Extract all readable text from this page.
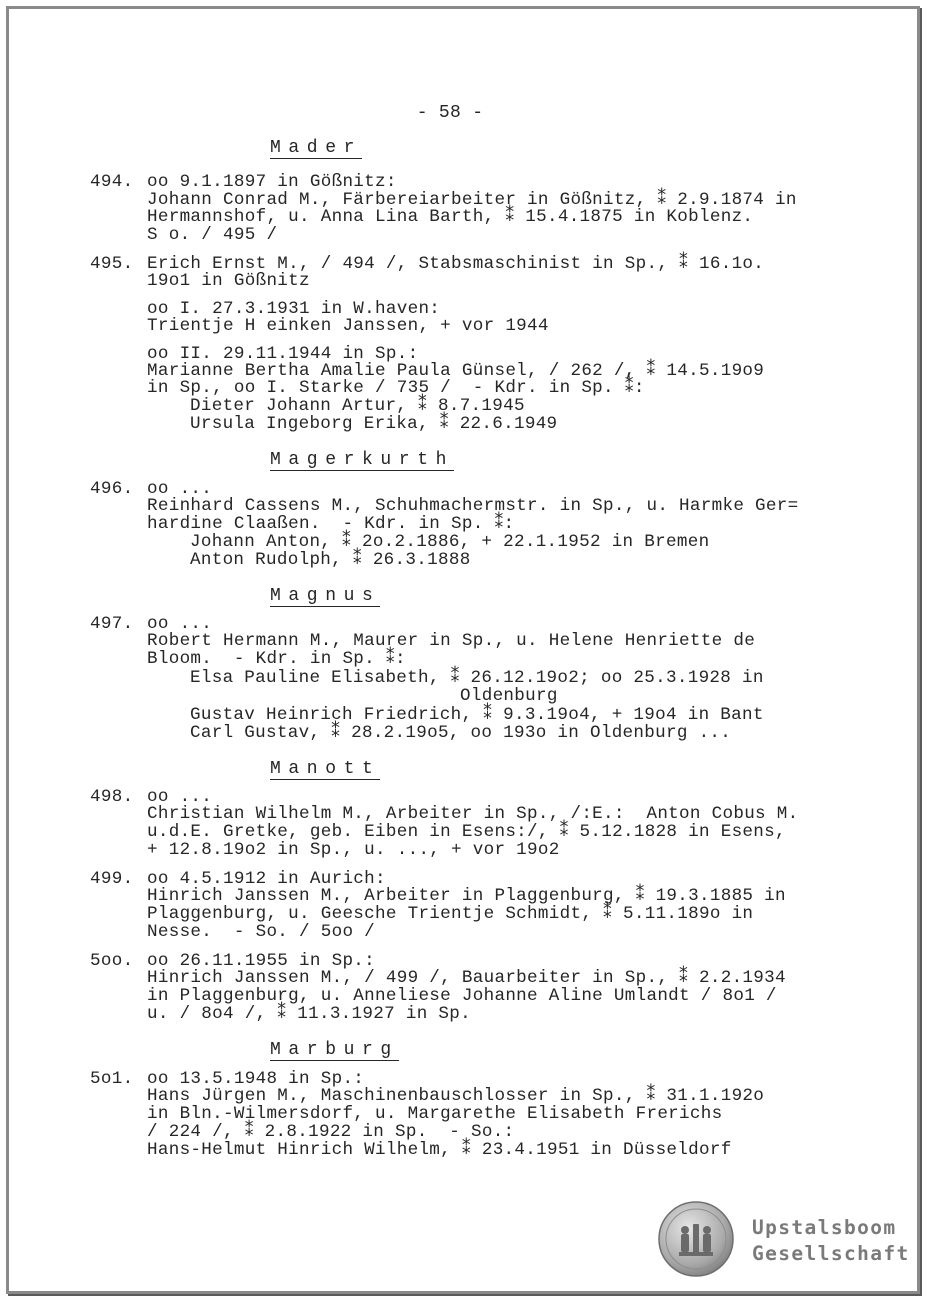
- 58 -
Mader
494. oo 9.1.1897 in Gößnitz:
Johann Conrad M., Färbereiarbeiter in Gößnitz, ⁑ 2.9.1874 in
Hermannshof, u. Anna Lina Barth, ⁑ 15.4.1875 in Koblenz.
S o. / 495 /
495. Erich Ernst M., / 494 /, Stabsmaschinist in Sp., ⁑ 16.1o.
19o1 in Gößnitz
oo I. 27.3.1931 in W.haven:
Trientje H einken Janssen, + vor 1944
oo II. 29.11.1944 in Sp.:
Marianne Bertha Amalie Paula Günsel, / 262 /, ⁑ 14.5.19o9
in Sp., oo I. Starke / 735 /  - Kdr. in Sp. ⁑:
Dieter Johann Artur, ⁑ 8.7.1945
Ursula Ingeborg Erika, ⁑ 22.6.1949
Magerkurth
496. oo ...
Reinhard Cassens M., Schuhmachermstr. in Sp., u. Harmke Ger=
hardine Claaßen.  - Kdr. in Sp. ⁑:
Johann Anton, ⁑ 2o.2.1886, + 22.1.1952 in Bremen
Anton Rudolph, ⁑ 26.3.1888
Magnus
497. oo ...
Robert Hermann M., Maurer in Sp., u. Helene Henriette de
Bloom.  - Kdr. in Sp. ⁑:
Elsa Pauline Elisabeth, ⁑ 26.12.19o2; oo 25.3.1928 in
Oldenburg
Gustav Heinrich Friedrich, ⁑ 9.3.19o4, + 19o4 in Bant
Carl Gustav, ⁑ 28.2.19o5, oo 193o in Oldenburg ...
Manott
498. oo ...
Christian Wilhelm M., Arbeiter in Sp., /:E.:  Anton Cobus M.
u.d.E. Gretke, geb. Eiben in Esens:/, ⁑ 5.12.1828 in Esens,
+ 12.8.19o2 in Sp., u. ..., + vor 19o2
499. oo 4.5.1912 in Aurich:
Hinrich Janssen M., Arbeiter in Plaggenburg, ⁑ 19.3.1885 in
Plaggenburg, u. Geesche Trientje Schmidt, ⁑ 5.11.189o in
Nesse.  - So. / 5oo /
5oo. oo 26.11.1955 in Sp.:
Hinrich Janssen M., / 499 /, Bauarbeiter in Sp., ⁑ 2.2.1934
in Plaggenburg, u. Anneliese Johanne Aline Umlandt / 8o1 /
u. / 8o4 /, ⁑ 11.3.1927 in Sp.
Marburg
5o1. oo 13.5.1948 in Sp.:
Hans Jürgen M., Maschinenbauschlosser in Sp., ⁑ 31.1.192o
in Bln.-Wilmersdorf, u. Margarethe Elisabeth Frerichs
/ 224 /, ⁑ 2.8.1922 in Sp.  - So.:
Hans-Helmut Hinrich Wilhelm, ⁑ 23.4.1951 in Düsseldorf
Upstalsboom
Gesellschaft
